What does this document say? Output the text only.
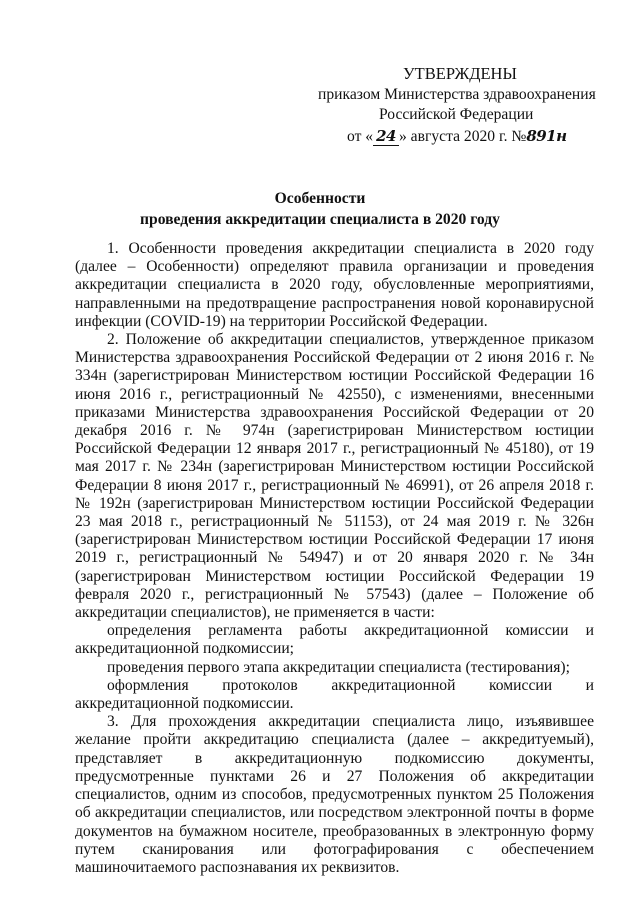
УТВЕРЖДЕНЫ
приказом Министерства здравоохранения
Российской Федерации
от « 24 » августа 2020 г. №891н
Особенности
проведения аккредитации специалиста в 2020 году

1. Особенности проведения аккредитации специалиста в 2020 году (далее – Особенности) определяют правила организации и проведения аккредитации специалиста в 2020 году, обусловленные мероприятиями, направленными на предотвращение распространения новой коронавирусной инфекции (COVID-19) на территории Российской Федерации.

2. Положение об аккредитации специалистов, утвержденное приказом Министерства здравоохранения Российской Федерации от 2 июня 2016 г. № 334н (зарегистрирован Министерством юстиции Российской Федерации 16 июня 2016 г., регистрационный № 42550), с изменениями, внесенными приказами Министерства здравоохранения Российской Федерации от 20 декабря 2016 г. № 974н (зарегистрирован Министерством юстиции Российской Федерации 12 января 2017 г., регистрационный № 45180), от 19 мая 2017 г. № 234н (зарегистрирован Министерством юстиции Российской Федерации 8 июня 2017 г., регистрационный № 46991), от 26 апреля 2018 г. № 192н (зарегистрирован Министерством юстиции Российской Федерации 23 мая 2018 г., регистрационный № 51153), от 24 мая 2019 г. № 326н (зарегистрирован Министерством юстиции Российской Федерации 17 июня 2019 г., регистрационный № 54947) и от 20 января 2020 г. № 34н (зарегистрирован Министерством юстиции Российской Федерации 19 февраля 2020 г., регистрационный № 57543) (далее – Положение об аккредитации специалистов), не применяется в части:

определения регламента работы аккредитационной комиссии и аккредитационной подкомиссии;

проведения первого этапа аккредитации специалиста (тестирования);

оформления протоколов аккредитационной комиссии и аккредитационной подкомиссии.

3. Для прохождения аккредитации специалиста лицо, изъявившее желание пройти аккредитацию специалиста (далее – аккредитуемый), представляет в аккредитационную подкомиссию документы, предусмотренные пунктами 26 и 27 Положения об аккредитации специалистов, одним из способов, предусмотренных пунктом 25 Положения об аккредитации специалистов, или посредством электронной почты в форме документов на бумажном носителе, преобразованных в электронную форму путем сканирования или фотографирования с обеспечением машиночитаемого распознавания их реквизитов.
